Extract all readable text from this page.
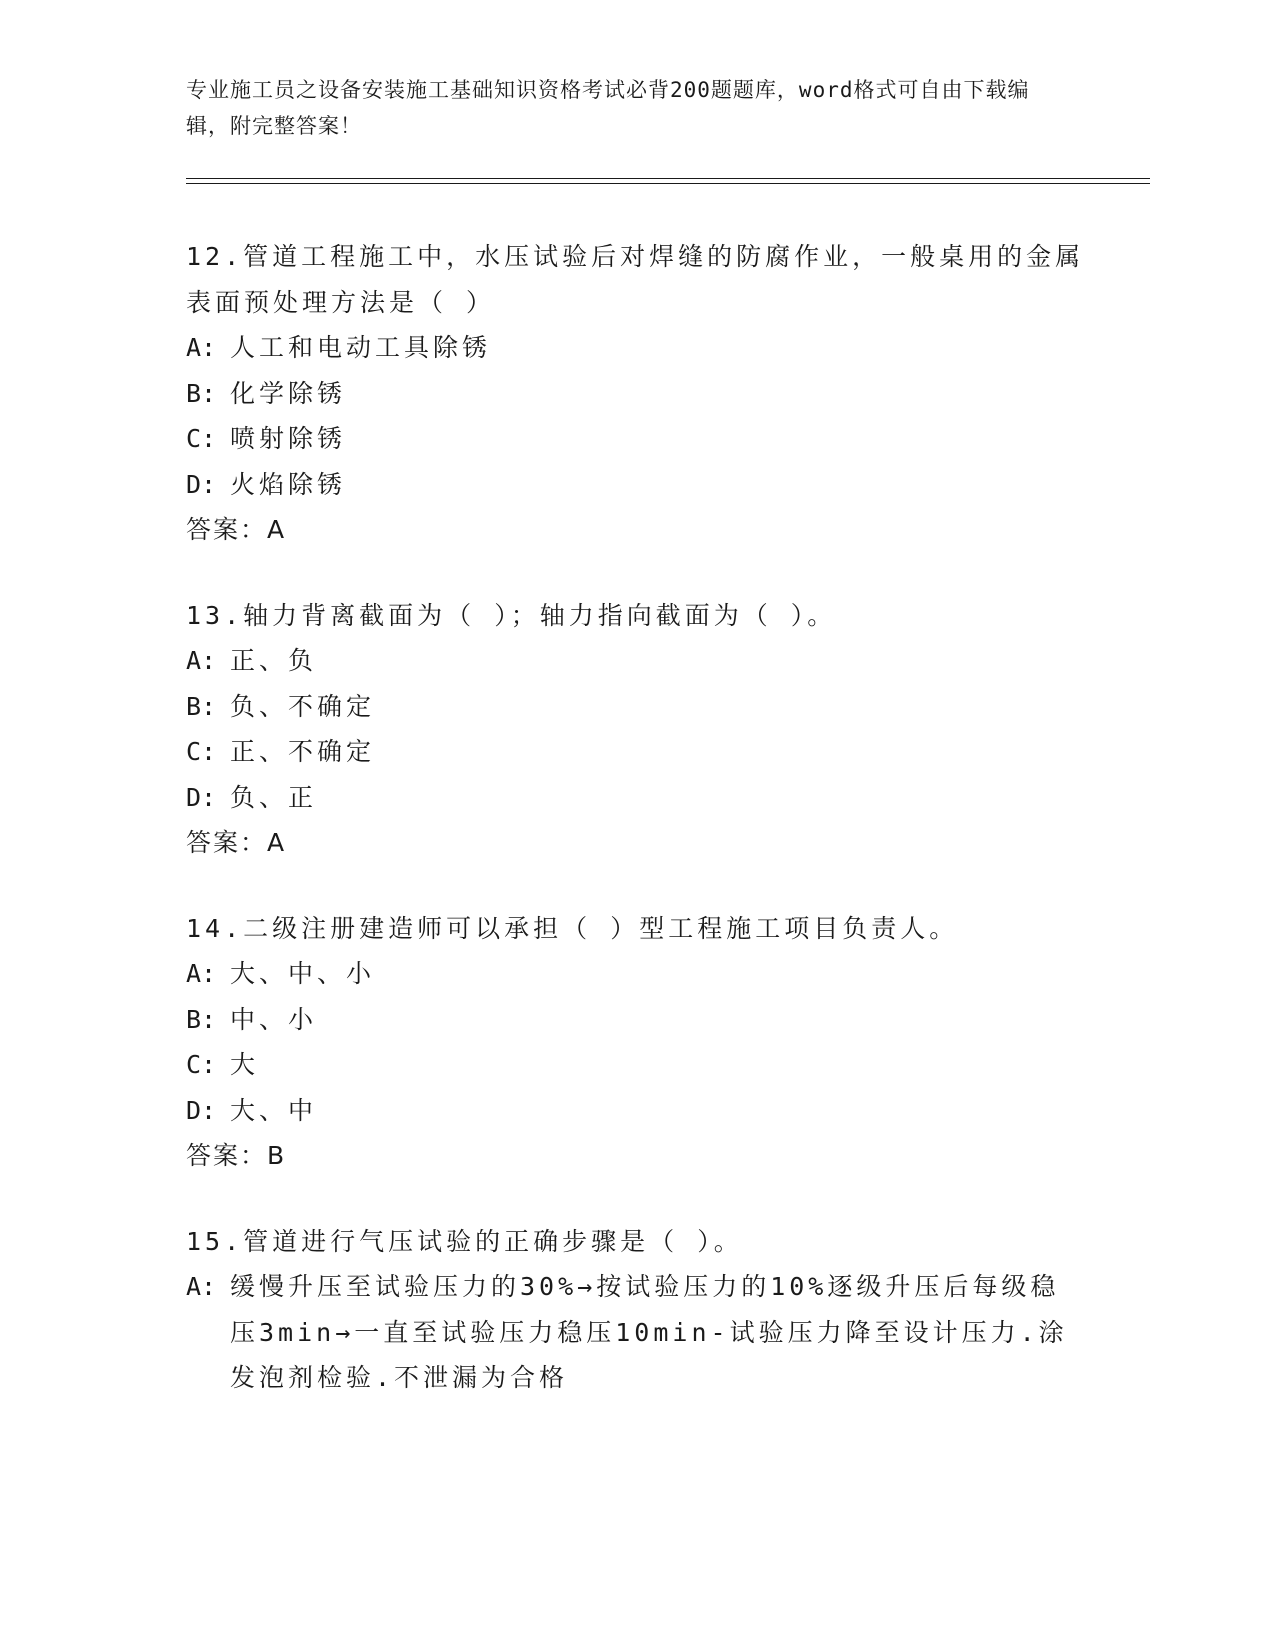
专业施工员之设备安装施工基础知识资格考试必背200题题库，word格式可自由下载编辑，附完整答案！
12.管道工程施工中，水压试验后对焊缝的防腐作业，一般桌用的金属表面预处理方法是（ ）
A: 人工和电动工具除锈
B: 化学除锈
C: 喷射除锈
D: 火焰除锈
答案：A
13.轴力背离截面为（ ）；轴力指向截面为（ ）。
A: 正、负
B: 负、不确定
C: 正、不确定
D: 负、正
答案：A
14.二级注册建造师可以承担（ ）型工程施工项目负责人。
A: 大、中、小
B: 中、小
C: 大
D: 大、中
答案：B
15.管道进行气压试验的正确步骤是（ ）。
A: 缓慢升压至试验压力的30%→按试验压力的10%逐级升压后每级稳压3min→一直至试验压力稳压10min-试验压力降至设计压力.涂发泡剂检验.不泄漏为合格
